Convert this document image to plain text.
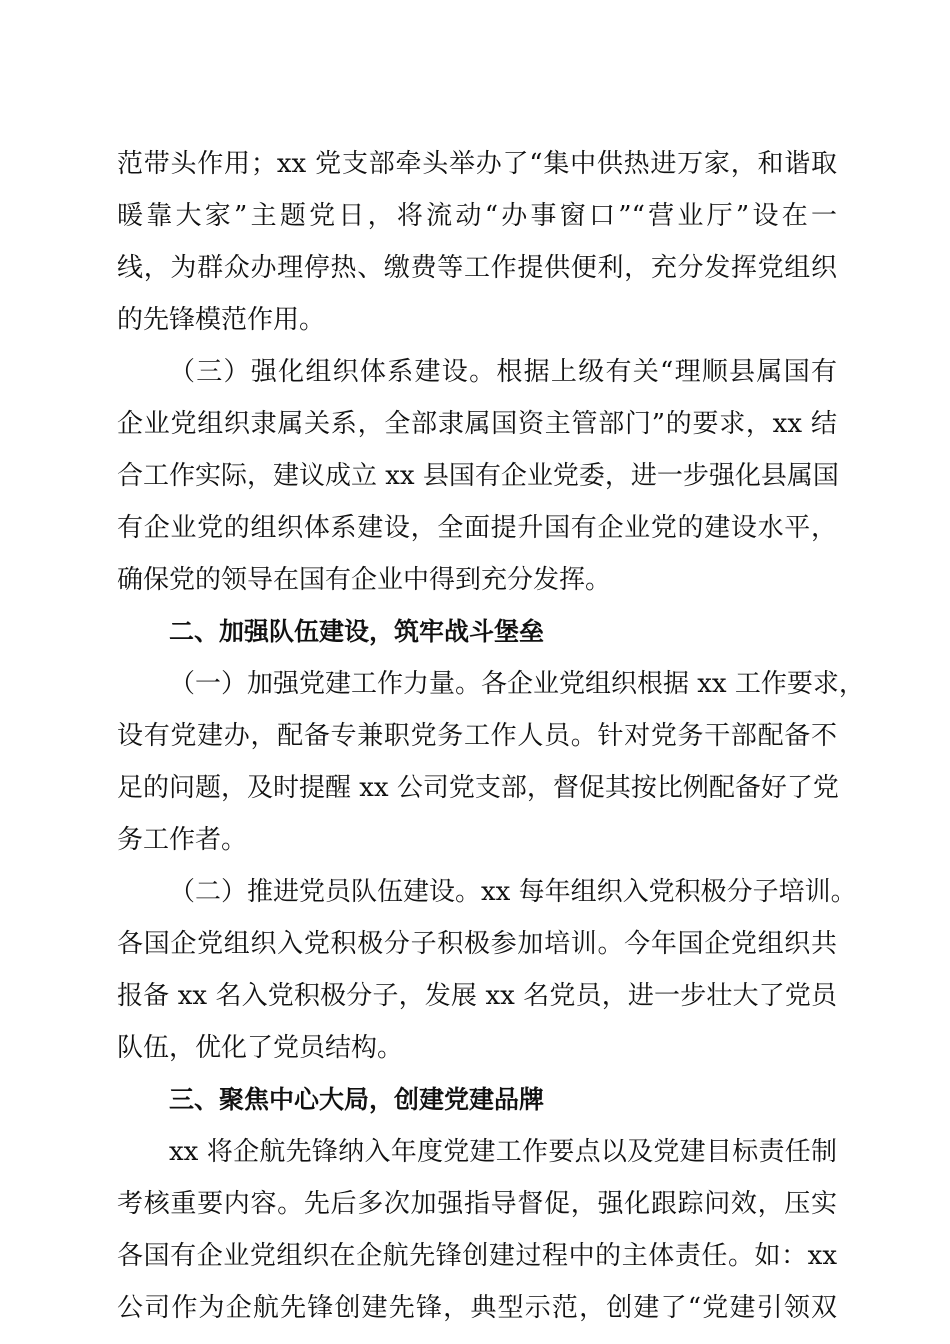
范带头作用；xx 党支部牵头举办了“集中供热进万家，和谐取
暖靠大家”主题党日，将流动“办事窗口”“营业厅”设在一
线，为群众办理停热、缴费等工作提供便利，充分发挥党组织
的先锋模范作用。
（三）强化组织体系建设。根据上级有关“理顺县属国有
企业党组织隶属关系，全部隶属国资主管部门”的要求，xx 结
合工作实际，建议成立 xx 县国有企业党委，进一步强化县属国
有企业党的组织体系建设，全面提升国有企业党的建设水平，
确保党的领导在国有企业中得到充分发挥。
二、加强队伍建设，筑牢战斗堡垒
（一）加强党建工作力量。各企业党组织根据 xx 工作要求，
设有党建办，配备专兼职党务工作人员。针对党务干部配备不
足的问题，及时提醒 xx 公司党支部，督促其按比例配备好了党
务工作者。
（二）推进党员队伍建设。xx 每年组织入党积极分子培训。
各国企党组织入党积极分子积极参加培训。今年国企党组织共
报备 xx 名入党积极分子，发展 xx 名党员，进一步壮大了党员
队伍，优化了党员结构。
三、聚焦中心大局，创建党建品牌
xx 将企航先锋纳入年度党建工作要点以及党建目标责任制
考核重要内容。先后多次加强指导督促，强化跟踪问效，压实
各国有企业党组织在企航先锋创建过程中的主体责任。如：xx
公司作为企航先锋创建先锋，典型示范，创建了“党建引领双
